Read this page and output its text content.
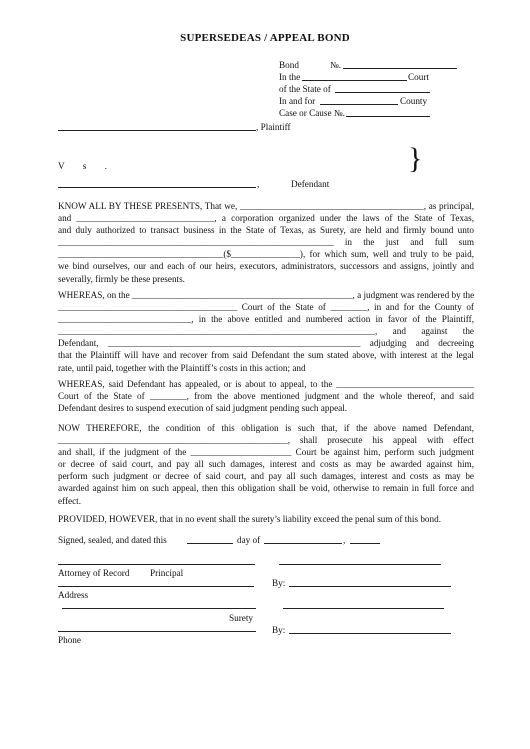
SUPERSEDEAS / APPEAL BOND
Bond	№.
In the	Court
of the State of
In and for	County
Case or Cause №.
, Plaintiff
V s .	}
,	Defendant
KNOW ALL BY THESE PRESENTS, That we, ________________________________________, as principal,
and ______________________________, a corporation organized under the laws of the State of Texas,
and duly authorized to transact business in the State of Texas, as Surety, are held and firmly bound unto
____________________________________________________________ in the just and full sum
____________________________________($_______________), for which sum, well and truly to be paid,
we bind ourselves, our and each of our heirs, executors, administrators, successors and assigns, jointly and
severally, firmly be these presents.
WHEREAS, on the ________________________________________________, a judgment was rendered by the
_______________________________________ Court of the State of ________, in and for the County of
_____________________________, in the above entitled and numbered action in favor of the Plaintiff,
_____________________________________________________________________, and against the
Defendant, _______________________________________________________ adjudging and decreeing
that the Plaintiff will have and recover from said Defendant the sum stated above, with interest at the legal
rate, until paid, together with the Plaintiff’s costs in this action; and
WHEREAS, said Defendant has appealed, or is about to appeal, to the ______________________________
Court of the State of ________, from the above mentioned judgment and the whole thereof, and said
Defendant desires to suspend execution of said judgment pending such appeal.
NOW THEREFORE, the condition of this obligation is such that, if the above named Defendant,
__________________________________________________, shall prosecute his appeal with effect
and shall, if the judgment of the ______________________ Court be against him, perform such judgment
or decree of said court, and pay all such damages, interest and costs as may be awarded against him,
perform such judgment or decree of said court, and pay all such damages, interest and costs as may be
awarded against him on such appeal, then this obligation shall be void, otherwise to remain in full force and
effect.
PROVIDED, HOWEVER, that in no event shall the surety’s liability exceed the penal sum of this bond.
Signed, sealed, and dated this	day of	,
Attorney of Record Principal
By:
Address
Surety
By:
Phone
